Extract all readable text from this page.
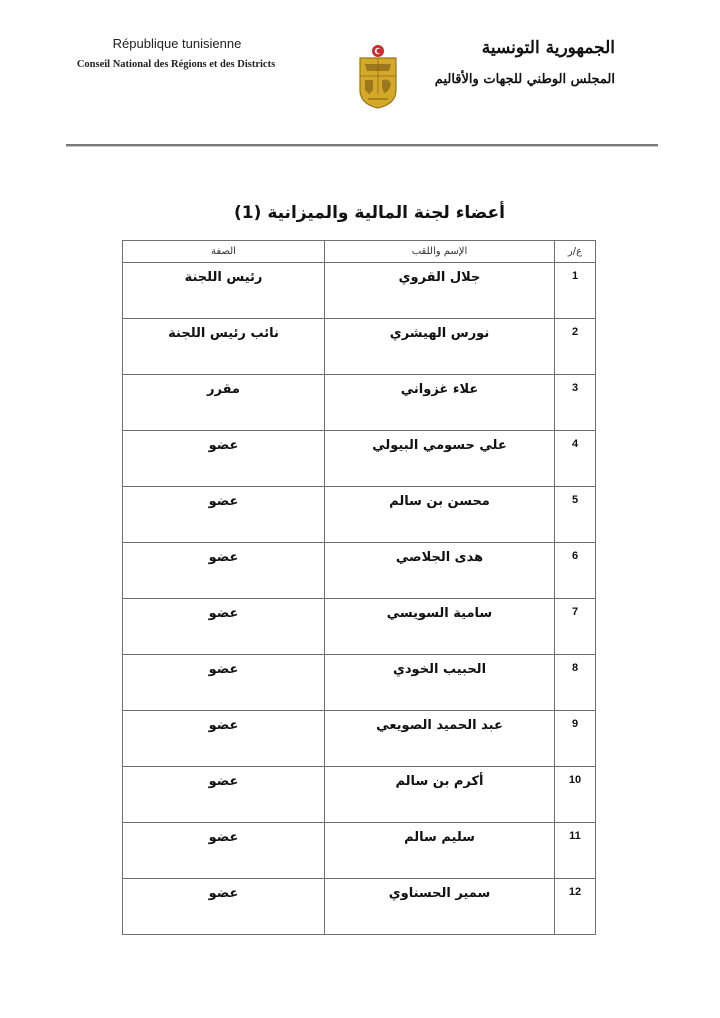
République tunisienne
Conseil National des Régions et des Districts
الجمهورية التونسية
المجلس الوطني للجهات والأقاليم
أعضاء لجنة المالية والميزانية (1)
ع/ر	الإسم واللقب	الصفة
1	جلال القروي	رئيس اللجنة
2	نورس الهيشري	نائب رئيس اللجنة
3	علاء غزواني	مقرر
4	علي حسومي البيولي	عضو
5	محسن بن سالم	عضو
6	هدى الجلاصي	عضو
7	سامية السويسي	عضو
8	الحبيب الخودي	عضو
9	عبد الحميد الصويعي	عضو
10	أكرم بن سالم	عضو
11	سليم سالم	عضو
12	سمير الحسناوي	عضو
